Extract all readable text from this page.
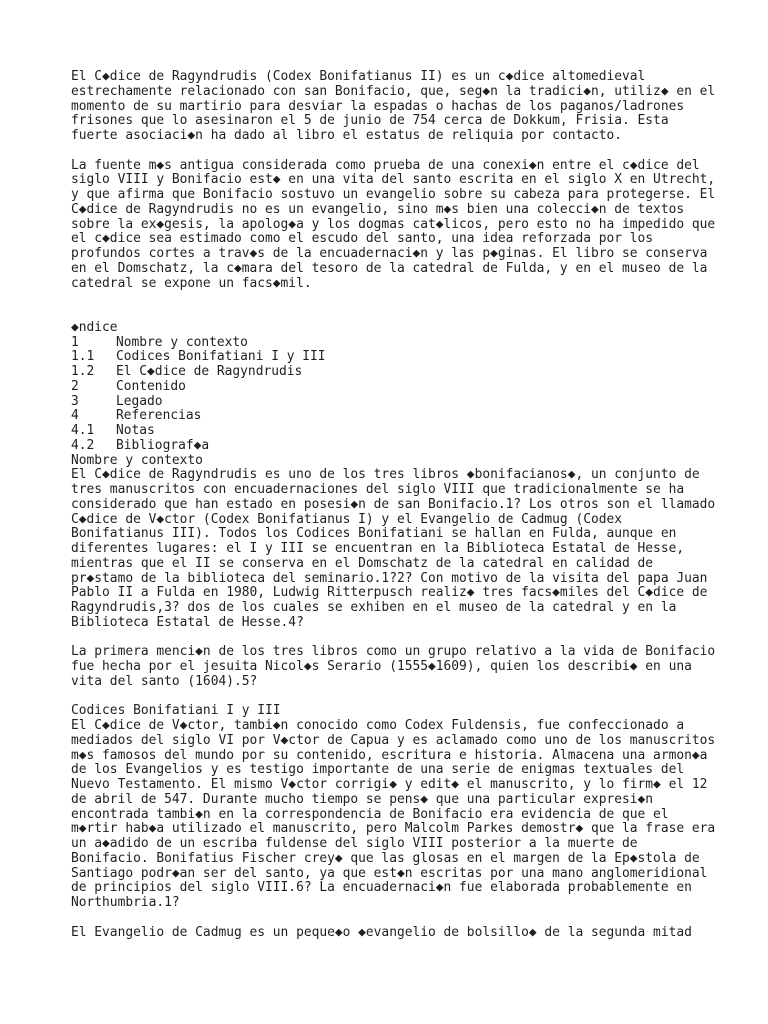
El C◆dice de Ragyndrudis (Codex Bonifatianus II) es un c◆dice altomedieval

estrechamente relacionado con san Bonifacio, que, seg◆n la tradici◆n, utiliz◆ en el

momento de su martirio para desviar la espadas o hachas de los paganos/ladrones

frisones que lo asesinaron el 5 de junio de 754 cerca de Dokkum, Frisia. Esta

fuerte asociaci◆n ha dado al libro el estatus de reliquia por contacto.

La fuente m◆s antigua considerada como prueba de una conexi◆n entre el c◆dice del

siglo VIII y Bonifacio est◆ en una vita del santo escrita en el siglo X en Utrecht,

y que afirma que Bonifacio sostuvo un evangelio sobre su cabeza para protegerse. El

C◆dice de Ragyndrudis no es un evangelio, sino m◆s bien una colecci◆n de textos

sobre la ex◆gesis, la apolog◆a y los dogmas cat◆licos, pero esto no ha impedido que

el c◆dice sea estimado como el escudo del santo, una idea reforzada por los

profundos cortes a trav◆s de la encuadernaci◆n y las p◆ginas. El libro se conserva

en el Domschatz, la c◆mara del tesoro de la catedral de Fulda, y en el museo de la

catedral se expone un facs◆mil.

◆ndice

1	Nombre y contexto
1.1	Codices Bonifatiani I y III
1.2	El C◆dice de Ragyndrudis
2	Contenido
3	Legado
4	Referencias
4.1	Notas
4.2	Bibliograf◆a

Nombre y contexto

El C◆dice de Ragyndrudis es uno de los tres libros ◆bonifacianos◆, un conjunto de

tres manuscritos con encuadernaciones del siglo VIII que tradicionalmente se ha

considerado que han estado en posesi◆n de san Bonifacio.1? Los otros son el llamado

C◆dice de V◆ctor (Codex Bonifatianus I) y el Evangelio de Cadmug (Codex

Bonifatianus III). Todos los Codices Bonifatiani se hallan en Fulda, aunque en

diferentes lugares: el I y III se encuentran en la Biblioteca Estatal de Hesse,

mientras que el II se conserva en el Domschatz de la catedral en calidad de

pr◆stamo de la biblioteca del seminario.1?2? Con motivo de la visita del papa Juan

Pablo II a Fulda en 1980, Ludwig Ritterpusch realiz◆ tres facs◆miles del C◆dice de

Ragyndrudis,3? dos de los cuales se exhiben en el museo de la catedral y en la

Biblioteca Estatal de Hesse.4?

La primera menci◆n de los tres libros como un grupo relativo a la vida de Bonifacio

fue hecha por el jesuita Nicol◆s Serario (1555◆1609), quien los describi◆ en una

vita del santo (1604).5?

Codices Bonifatiani I y III

El C◆dice de V◆ctor, tambi◆n conocido como Codex Fuldensis, fue confeccionado a

mediados del siglo VI por V◆ctor de Capua y es aclamado como uno de los manuscritos

m◆s famosos del mundo por su contenido, escritura e historia. Almacena una armon◆a

de los Evangelios y es testigo importante de una serie de enigmas textuales del

Nuevo Testamento. El mismo V◆ctor corrigi◆ y edit◆ el manuscrito, y lo firm◆ el 12

de abril de 547. Durante mucho tiempo se pens◆ que una particular expresi◆n

encontrada tambi◆n en la correspondencia de Bonifacio era evidencia de que el

m◆rtir hab◆a utilizado el manuscrito, pero Malcolm Parkes demostr◆ que la frase era

un a◆adido de un escriba fuldense del siglo VIII posterior a la muerte de

Bonifacio. Bonifatius Fischer crey◆ que las glosas en el margen de la Ep◆stola de

Santiago podr◆an ser del santo, ya que est◆n escritas por una mano anglomeridional

de principios del siglo VIII.6? La encuadernaci◆n fue elaborada probablemente en

Northumbria.1?

El Evangelio de Cadmug es un peque◆o ◆evangelio de bolsillo◆ de la segunda mitad
